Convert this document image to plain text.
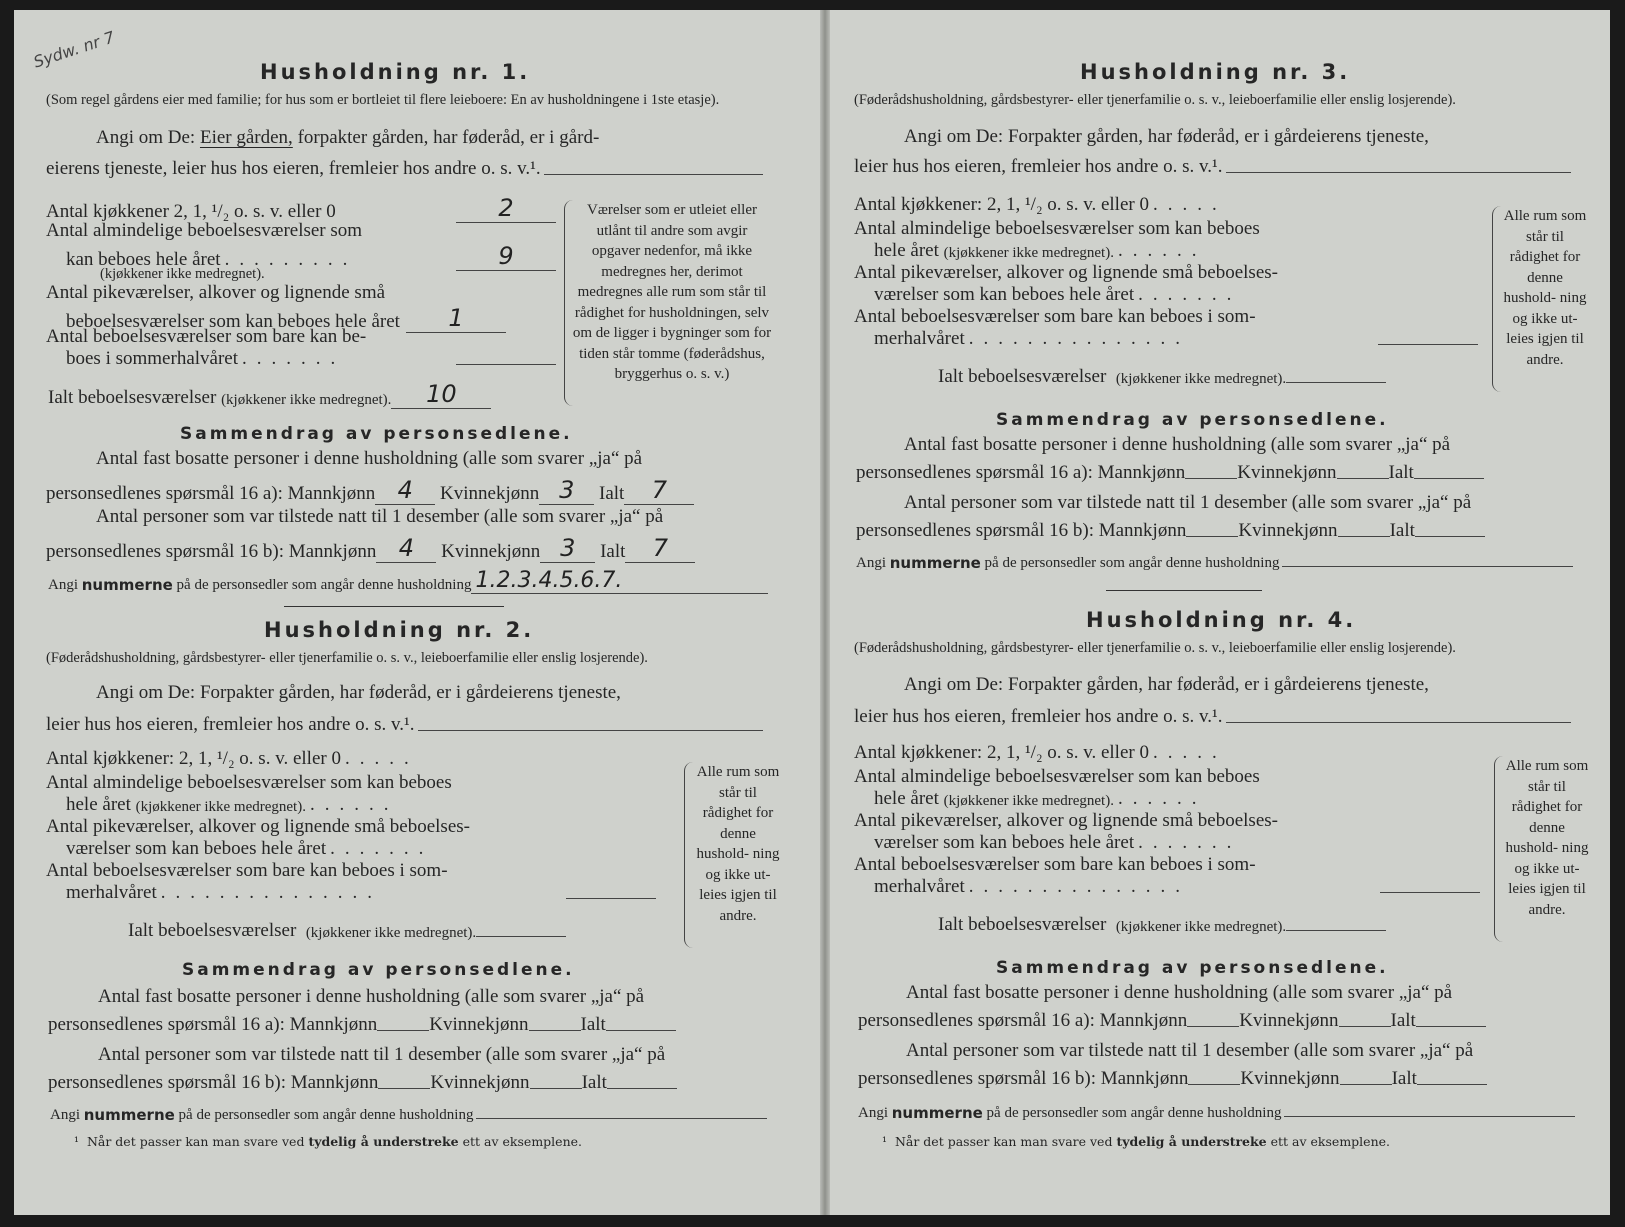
Sydw. nr 7
Husholdning nr. 1.
(Som regel gårdens eier med familie; for hus som er bortleiet til flere leieboere: En av husholdningene i 1ste etasje).
Angi om De: Eier gården, forpakter gården, har føderåd, er i gård-
eierens tjeneste, leier hus hos eieren, fremleier hos andre o. s. v.¹.
Antal kjøkkener 2, 1, ¹/₂ o. s. v. eller 0	2
Antal almindelige beboelsesværelser som
kan beboes hele året .........	9
(kjøkkener ikke medregnet).
Antal pikeværelser, alkover og lignende små
beboelsesværelser som kan beboes hele året	1
Antal beboelsesværelser som bare kan be-
boes i sommerhalvåret .......
Ialt beboelsesværelser
(kjøkkener ikke medregnet).	10
Værelser som er utleiet eller utlånt til andre som avgir opgaver nedenfor, må ikke medregnes her, derimot medregnes alle rum som står til rådighet for husholdningen, selv om de ligger i bygninger som for tiden står tomme (føderådshus, bryggerhus o. s. v.)
Sammendrag av personsedlene.
Antal fast bosatte personer i denne husholdning (alle som svarer „ja“ på
personsedlenes spørsmål 16 a): Mannkjønn 4
	Kvinnekjønn 3
	Ialt	7
Antal personer som var tilstede natt til 1 desember (alle som svarer „ja“ på
personsedlenes spørsmål 16 b): Mannkjønn 4
	Kvinnekjønn 3
	Ialt	7
Angi
nummerne
på de personsedler som angår denne husholdning 1.2.3.4.5.6.7.
Husholdning nr. 2.
(Føderådshusholdning, gårdsbestyrer- eller tjenerfamilie o. s. v., leieboerfamilie eller enslig losjerende).
Angi om De: Forpakter gården, har føderåd, er i gårdeierens tjeneste,
leier hus hos eieren, fremleier hos andre o. s. v.¹.
Antal kjøkkener: 2, 1, ¹/₂ o. s. v. eller 0 .....
Antal almindelige beboelsesværelser som kan beboes
hele året
(kjøkkener ikke medregnet). ......
Antal pikeværelser, alkover og lignende små beboelses-
værelser som kan beboes hele året .......
Antal beboelsesværelser som bare kan beboes i som-
merhalvåret ...............
Ialt beboelsesværelser
(kjøkkener ikke medregnet).
Alle rum som står til rådighet for denne hushold- ning og ikke ut- leies igjen til andre.
Sammendrag av personsedlene.
Antal fast bosatte personer i denne husholdning (alle som svarer „ja“ på
personsedlenes spørsmål 16 a): Mannkjønn	Kvinnekjønn	Ialt
Antal personer som var tilstede natt til 1 desember (alle som svarer „ja“ på
personsedlenes spørsmål 16 b): Mannkjønn	Kvinnekjønn	Ialt
Angi
nummerne
på de personsedler som angår denne husholdning
¹ Når det passer kan man svare ved tydelig å understreke ett av eksemplene.
Husholdning nr. 3.
(Føderådshusholdning, gårdsbestyrer- eller tjenerfamilie o. s. v., leieboerfamilie eller enslig losjerende).
Angi om De: Forpakter gården, har føderåd, er i gårdeierens tjeneste,
leier hus hos eieren, fremleier hos andre o. s. v.¹.
Antal kjøkkener: 2, 1, ¹/₂ o. s. v. eller 0 .....
Antal almindelige beboelsesværelser som kan beboes
hele året
(kjøkkener ikke medregnet). ......
Antal pikeværelser, alkover og lignende små beboelses-
værelser som kan beboes hele året .......
Antal beboelsesværelser som bare kan beboes i som-
merhalvåret ...............
Ialt beboelsesværelser
(kjøkkener ikke medregnet).
Alle rum som står til rådighet for denne hushold- ning og ikke ut- leies igjen til andre.
Sammendrag av personsedlene.
Antal fast bosatte personer i denne husholdning (alle som svarer „ja“ på
personsedlenes spørsmål 16 a): Mannkjønn	Kvinnekjønn	Ialt
Antal personer som var tilstede natt til 1 desember (alle som svarer „ja“ på
personsedlenes spørsmål 16 b): Mannkjønn	Kvinnekjønn	Ialt
Angi
nummerne
på de personsedler som angår denne husholdning
Husholdning nr. 4.
(Føderådshusholdning, gårdsbestyrer- eller tjenerfamilie o. s. v., leieboerfamilie eller enslig losjerende).
Angi om De: Forpakter gården, har føderåd, er i gårdeierens tjeneste,
leier hus hos eieren, fremleier hos andre o. s. v.¹.
Antal kjøkkener: 2, 1, ¹/₂ o. s. v. eller 0 .....
Antal almindelige beboelsesværelser som kan beboes
hele året
(kjøkkener ikke medregnet). ......
Antal pikeværelser, alkover og lignende små beboelses-
værelser som kan beboes hele året .......
Antal beboelsesværelser som bare kan beboes i som-
merhalvåret ...............
Ialt beboelsesværelser
(kjøkkener ikke medregnet).
Alle rum som står til rådighet for denne hushold- ning og ikke ut- leies igjen til andre.
Sammendrag av personsedlene.
Antal fast bosatte personer i denne husholdning (alle som svarer „ja“ på
personsedlenes spørsmål 16 a): Mannkjønn	Kvinnekjønn	Ialt
Antal personer som var tilstede natt til 1 desember (alle som svarer „ja“ på
personsedlenes spørsmål 16 b): Mannkjønn	Kvinnekjønn	Ialt
Angi
nummerne
på de personsedler som angår denne husholdning
¹ Når det passer kan man svare ved tydelig å understreke ett av eksemplene.
